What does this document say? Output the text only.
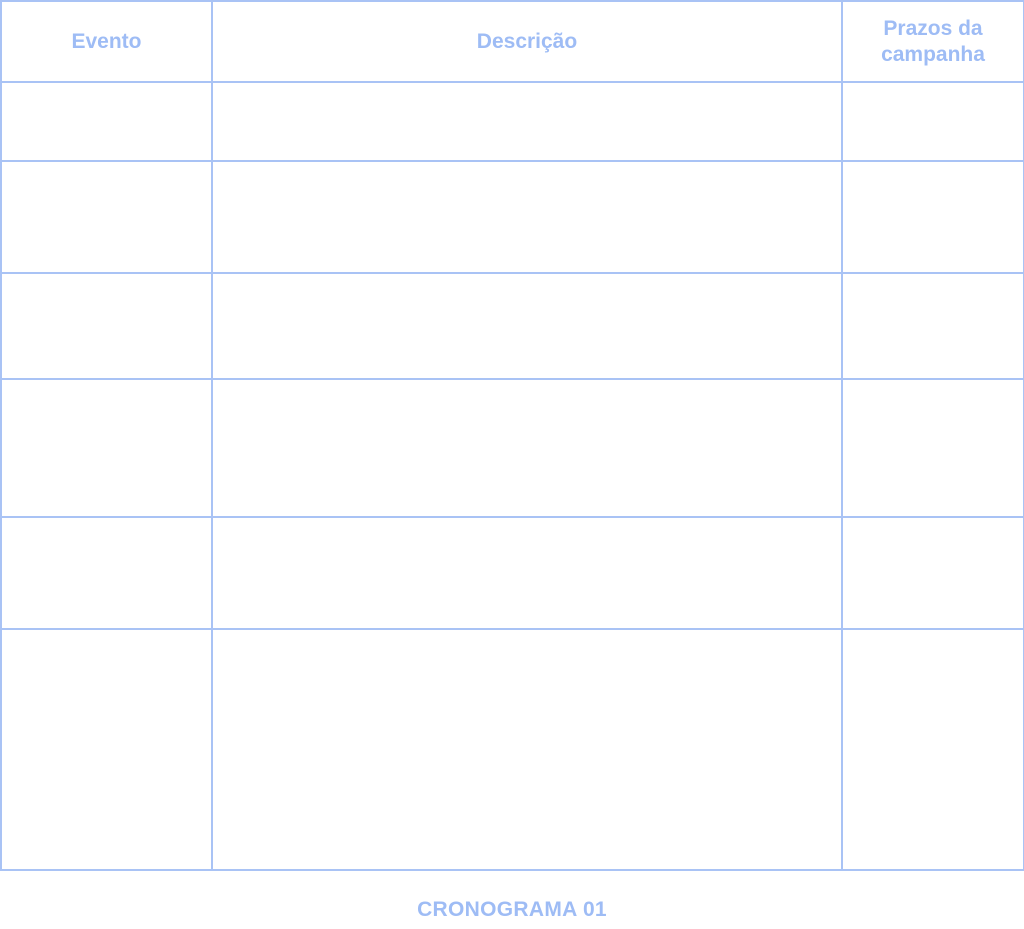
Evento	Descrição	Prazos da campanha

CRONOGRAMA 01
